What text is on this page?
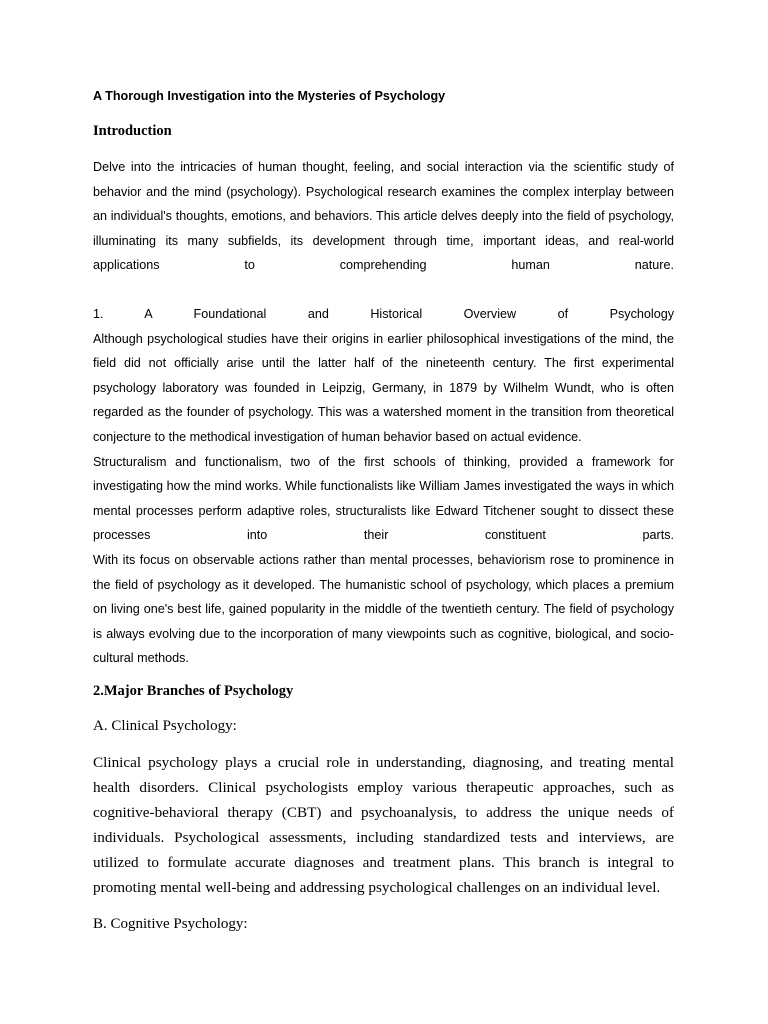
A Thorough Investigation into the Mysteries of Psychology

Introduction

Delve into the intricacies of human thought, feeling, and social interaction via the scientific study of behavior and the mind (psychology). Psychological research examines the complex interplay between an individual's thoughts, emotions, and behaviors. This article delves deeply into the field of psychology, illuminating its many subfields, its development through time, important ideas, and real-world applications to comprehending human nature.

1. A Foundational and Historical Overview of Psychology

Although psychological studies have their origins in earlier philosophical investigations of the mind, the field did not officially arise until the latter half of the nineteenth century. The first experimental psychology laboratory was founded in Leipzig, Germany, in 1879 by Wilhelm Wundt, who is often regarded as the founder of psychology. This was a watershed moment in the transition from theoretical conjecture to the methodical investigation of human behavior based on actual evidence.

Structuralism and functionalism, two of the first schools of thinking, provided a framework for investigating how the mind works. While functionalists like William James investigated the ways in which mental processes perform adaptive roles, structuralists like Edward Titchener sought to dissect these processes into their constituent parts.

With its focus on observable actions rather than mental processes, behaviorism rose to prominence in the field of psychology as it developed. The humanistic school of psychology, which places a premium on living one's best life, gained popularity in the middle of the twentieth century. The field of psychology is always evolving due to the incorporation of many viewpoints such as cognitive, biological, and socio-cultural methods.

2.Major Branches of Psychology
A. Clinical Psychology:

Clinical psychology plays a crucial role in understanding, diagnosing, and treating mental health disorders. Clinical psychologists employ various therapeutic approaches, such as cognitive-behavioral therapy (CBT) and psychoanalysis, to address the unique needs of individuals. Psychological assessments, including standardized tests and interviews, are utilized to formulate accurate diagnoses and treatment plans. This branch is integral to promoting mental well-being and addressing psychological challenges on an individual level.

B. Cognitive Psychology:
